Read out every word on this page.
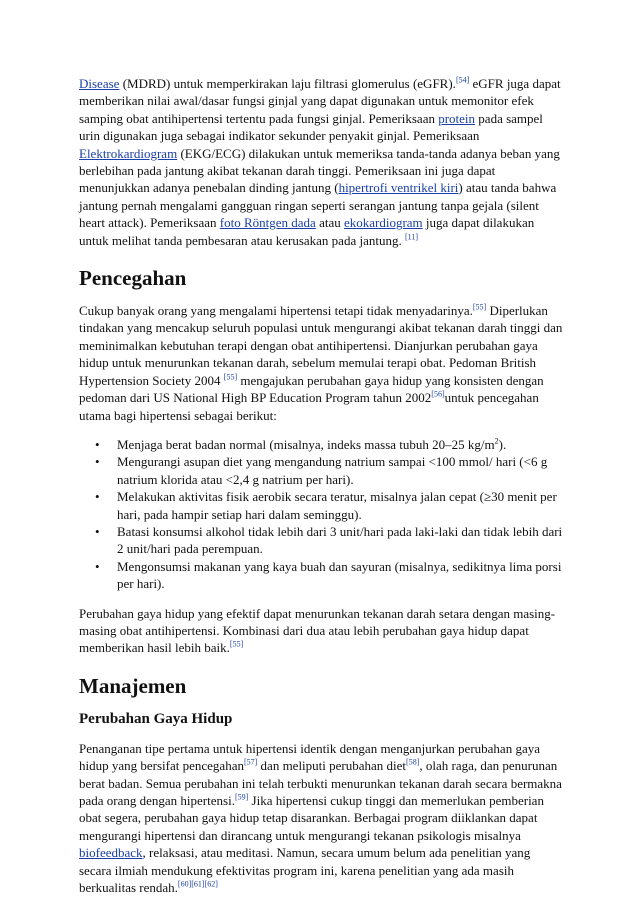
Disease (MDRD) untuk memperkirakan laju filtrasi glomerulus (eGFR).[54] eGFR juga dapat memberikan nilai awal/dasar fungsi ginjal yang dapat digunakan untuk memonitor efek samping obat antihipertensi tertentu pada fungsi ginjal. Pemeriksaan protein pada sampel urin digunakan juga sebagai indikator sekunder penyakit ginjal. Pemeriksaan Elektrokardiogram (EKG/ECG) dilakukan untuk memeriksa tanda-tanda adanya beban yang berlebihan pada jantung akibat tekanan darah tinggi. Pemeriksaan ini juga dapat menunjukkan adanya penebalan dinding jantung (hipertrofi ventrikel kiri) atau tanda bahwa jantung pernah mengalami gangguan ringan seperti serangan jantung tanpa gejala (silent heart attack). Pemeriksaan foto Röntgen dada atau ekokardiogram juga dapat dilakukan untuk melihat tanda pembesaran atau kerusakan pada jantung. [11]

Pencegahan

Cukup banyak orang yang mengalami hipertensi tetapi tidak menyadarinya.[55] Diperlukan tindakan yang mencakup seluruh populasi untuk mengurangi akibat tekanan darah tinggi dan meminimalkan kebutuhan terapi dengan obat antihipertensi. Dianjurkan perubahan gaya hidup untuk menurunkan tekanan darah, sebelum memulai terapi obat. Pedoman British Hypertension Society 2004 [55] mengajukan perubahan gaya hidup yang konsisten dengan pedoman dari US National High BP Education Program tahun 2002[56]untuk pencegahan utama bagi hipertensi sebagai berikut:

• Menjaga berat badan normal (misalnya, indeks massa tubuh 20–25 $kg/m^2$).
• Mengurangi asupan diet yang mengandung natrium sampai <100 mmol/ hari (<6 g natrium klorida atau <2,4 g natrium per hari).
• Melakukan aktivitas fisik aerobik secara teratur, misalnya jalan cepat (≥30 menit per hari, pada hampir setiap hari dalam seminggu).
• Batasi konsumsi alkohol tidak lebih dari 3 unit/hari pada laki-laki dan tidak lebih dari 2 unit/hari pada perempuan.
• Mengonsumsi makanan yang kaya buah dan sayuran (misalnya, sedikitnya lima porsi per hari).

Perubahan gaya hidup yang efektif dapat menurunkan tekanan darah setara dengan masing-masing obat antihipertensi. Kombinasi dari dua atau lebih perubahan gaya hidup dapat memberikan hasil lebih baik.[55]

Manajemen
Perubahan Gaya Hidup

Penanganan tipe pertama untuk hipertensi identik dengan menganjurkan perubahan gaya hidup yang bersifat pencegahan[57] dan meliputi perubahan diet[58], olah raga, dan penurunan berat badan. Semua perubahan ini telah terbukti menurunkan tekanan darah secara bermakna pada orang dengan hipertensi.[59] Jika hipertensi cukup tinggi dan memerlukan pemberian obat segera, perubahan gaya hidup tetap disarankan. Berbagai program diiklankan dapat mengurangi hipertensi dan dirancang untuk mengurangi tekanan psikologis misalnya biofeedback, relaksasi, atau meditasi. Namun, secara umum belum ada penelitian yang secara ilmiah mendukung efektivitas program ini, karena penelitian yang ada masih berkualitas rendah.[60][61][62]
